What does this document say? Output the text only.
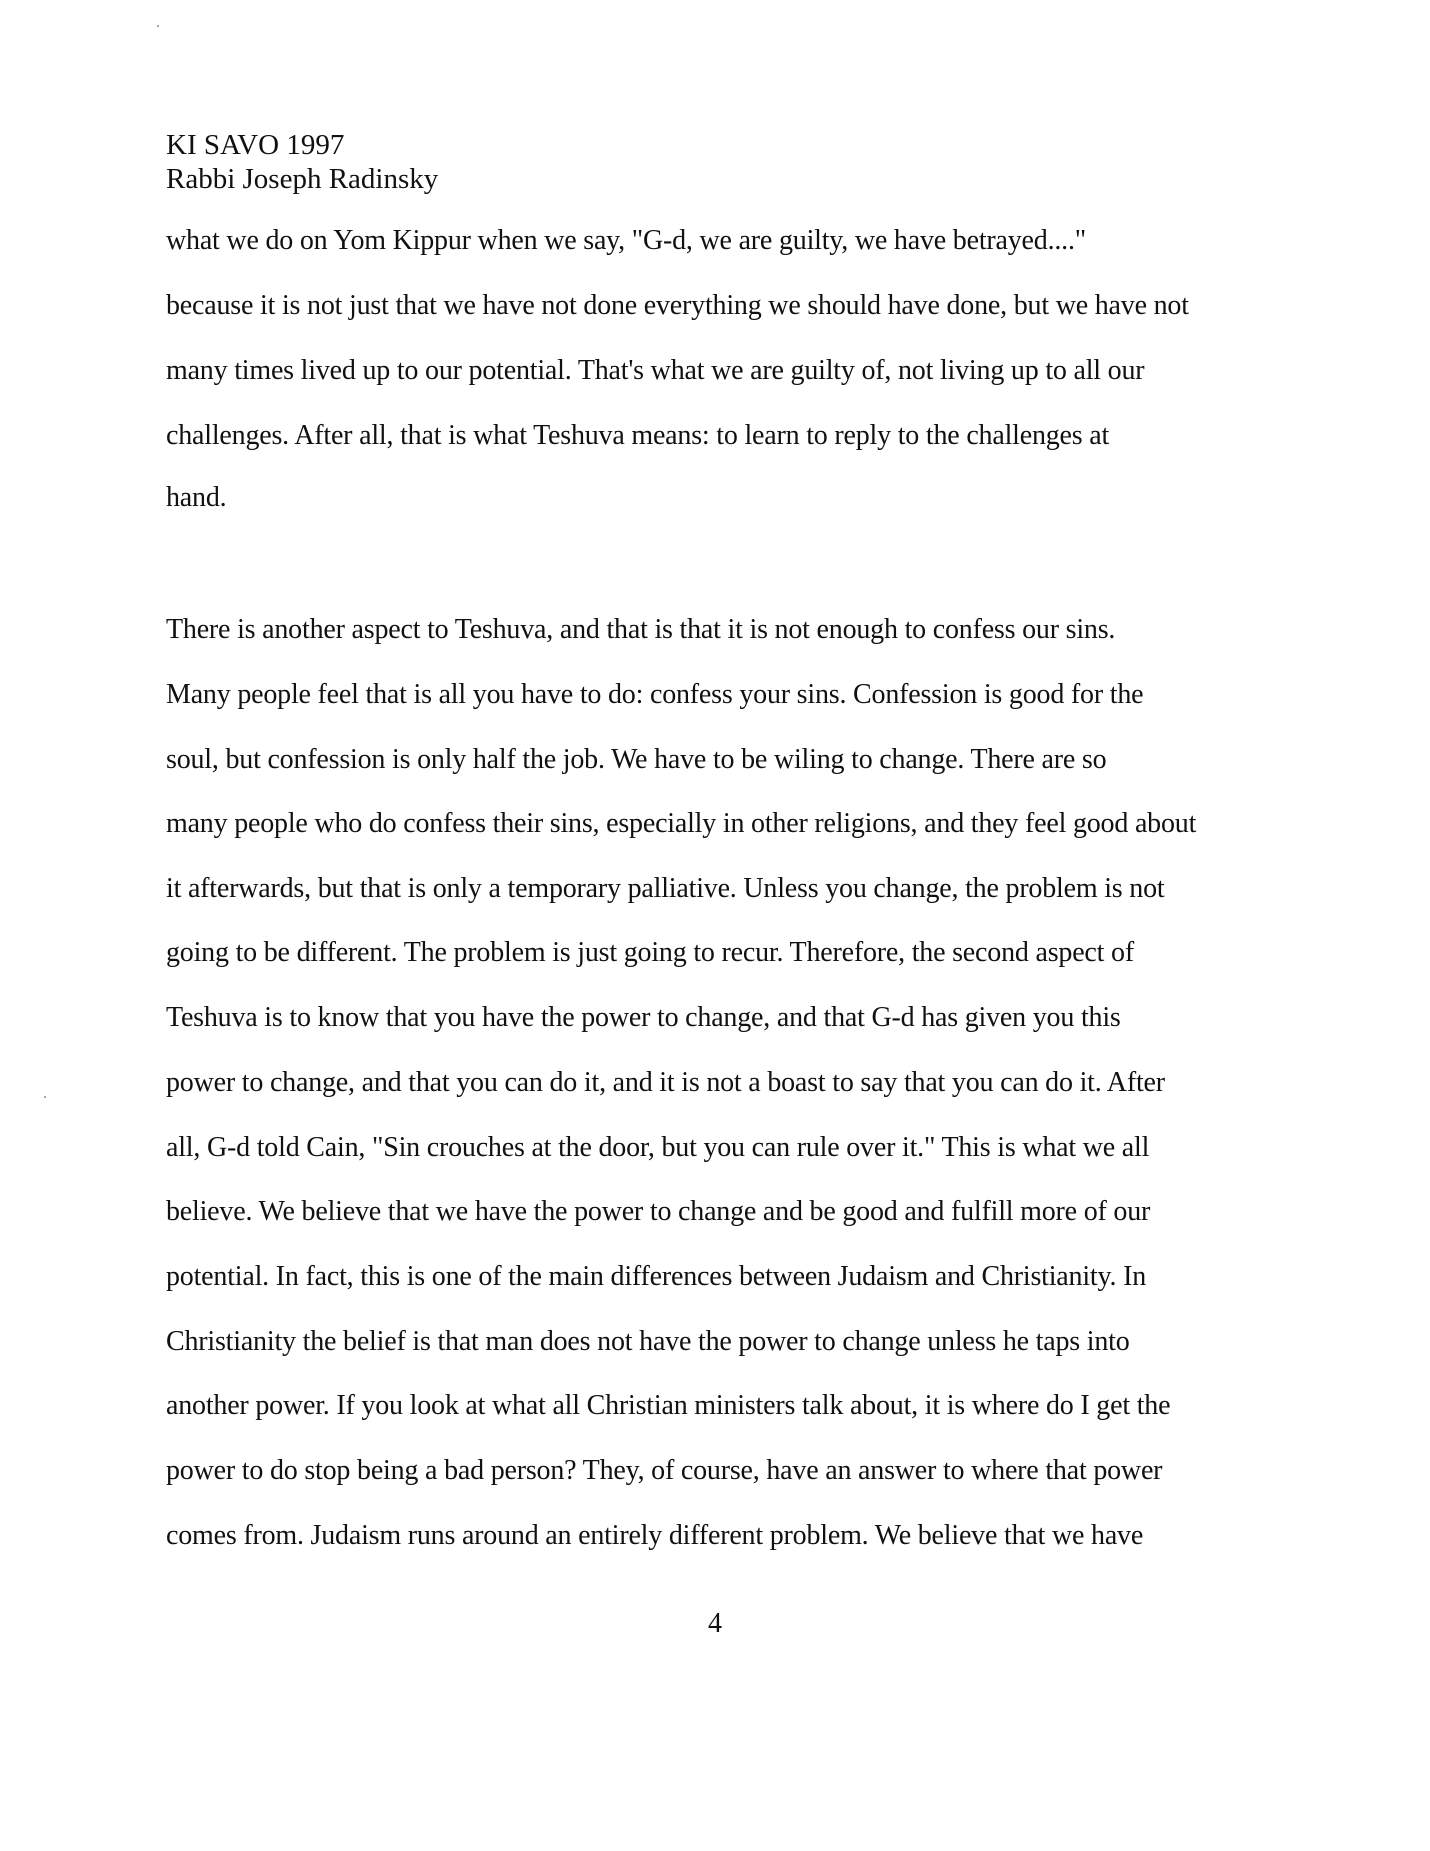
KI SAVO 1997
Rabbi Joseph Radinsky
what we do on Yom Kippur when we say, "G-d, we are guilty, we have betrayed...."
because it is not just that we have not done everything we should have done, but we have not
many times lived up to our potential. That's what we are guilty of, not living up to all our
challenges. After all, that is what Teshuva means: to learn to reply to the challenges at
hand.
There is another aspect to Teshuva, and that is that it is not enough to confess our sins.
Many people feel that is all you have to do: confess your sins. Confession is good for the
soul, but confession is only half the job. We have to be wiling to change. There are so
many people who do confess their sins, especially in other religions, and they feel good about
it afterwards, but that is only a temporary palliative. Unless you change, the problem is not
going to be different. The problem is just going to recur. Therefore, the second aspect of
Teshuva is to know that you have the power to change, and that G-d has given you this
power to change, and that you can do it, and it is not a boast to say that you can do it. After
all, G-d told Cain, "Sin crouches at the door, but you can rule over it." This is what we all
believe. We believe that we have the power to change and be good and fulfill more of our
potential. In fact, this is one of the main differences between Judaism and Christianity. In
Christianity the belief is that man does not have the power to change unless he taps into
another power. If you look at what all Christian ministers talk about, it is where do I get the
power to do stop being a bad person? They, of course, have an answer to where that power
comes from. Judaism runs around an entirely different problem. We believe that we have
4
